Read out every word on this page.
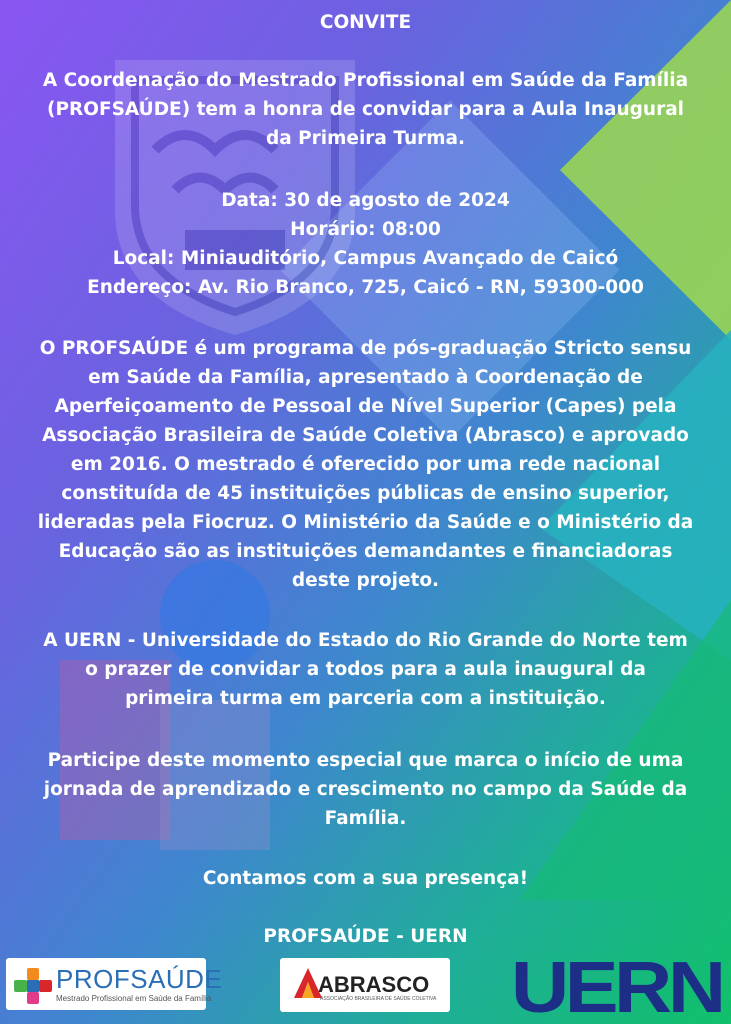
CONVITE
A Coordenação do Mestrado Profissional em Saúde da Família
(PROFSAÚDE) tem a honra de convidar para a Aula Inaugural
da Primeira Turma.
Data: 30 de agosto de 2024
Horário: 08:00
Local: Miniauditório, Campus Avançado de Caicó
Endereço: Av. Rio Branco, 725, Caicó - RN, 59300-000
O PROFSAÚDE é um programa de pós-graduação Stricto sensu
em Saúde da Família, apresentado à Coordenação de
Aperfeiçoamento de Pessoal de Nível Superior (Capes) pela
Associação Brasileira de Saúde Coletiva (Abrasco) e aprovado
em 2016. O mestrado é oferecido por uma rede nacional
constituída de 45 instituições públicas de ensino superior,
lideradas pela Fiocruz. O Ministério da Saúde e o Ministério da
Educação são as instituições demandantes e financiadoras
deste projeto.
A UERN - Universidade do Estado do Rio Grande do Norte tem
o prazer de convidar a todos para a aula inaugural da
primeira turma em parceria com a instituição.
Participe deste momento especial que marca o início de uma
jornada de aprendizado e crescimento no campo da Saúde da
Família.
Contamos com a sua presença!
PROFSAÚDE - UERN
PROFSAÚDE
Mestrado Profissional em Saúde da Família
ABRASCO
ASSOCIAÇÃO BRASILEIRA DE SAÚDE COLETIVA UERN
